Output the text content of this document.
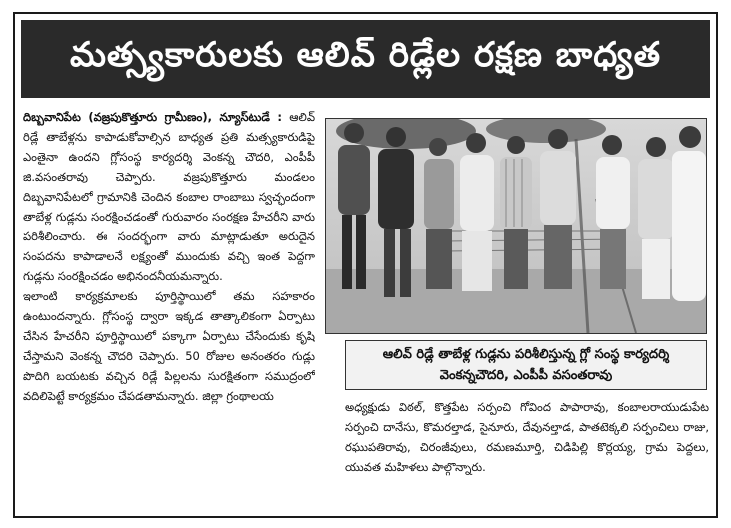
మత్స్యకారులకు ఆలివ్ రిడ్లేల రక్షణ బాధ్యత

దిబ్బవానిపేట (వజ్రపుకొత్తూరు గ్రామీణం), న్యూస్‌టుడే : ఆలివ్ రిడ్లే తాబేళ్లను కాపాడుకోవాల్సిన బాధ్యత ప్రతి మత్స్యకారుడిపై ఎంతైనా ఉందని గ్లోసంస్థ కార్యదర్శి వెంకన్న చౌదరి, ఎంపీపీ జి.వసంతరావు చెప్పారు. వజ్రపుకొత్తూరు మండలం దిబ్బవానిపేటలో గ్రామానికి చెందిన కంబాల రాంబాబు స్వచ్ఛందంగా తాబేళ్ల గుడ్లను సంరక్షించడంతో గురువారం సంరక్షణ హేచరీని వారు పరిశీలించారు. ఈ సందర్భంగా వారు మాట్లాడుతూ అరుదైన సంపదను కాపాడాలనే లక్ష్యంతో ముందుకు వచ్చి ఇంత పెద్దగా గుడ్లను సంరక్షించడం అభినందనీయమన్నారు.

ఇలాంటి కార్యక్రమాలకు పూర్తిస్థాయిలో తమ సహకారం ఉంటుందన్నారు. గ్లోసంస్థ ద్వారా ఇక్కడ తాత్కాలికంగా ఏర్పాటు చేసిన హేచరీని పూర్తిస్థాయిలో పక్కాగా ఏర్పాటు చేసేందుకు కృషి చేస్తామని వెంకన్న చౌదరి చెప్పారు. 50 రోజుల అనంతరం గుడ్లు పొదిగి బయటకు వచ్చిన రిడ్లే పిల్లలను సురక్షితంగా సముద్రంలో వదిలిపెట్టే కార్యక్రమం చేపడతామన్నారు. జిల్లా గ్రంథాలయ

ఆలివ్ రిడ్లే తాబేళ్ల గుడ్లను పరిశీలిస్తున్న గ్లో సంస్థ కార్యదర్శి వెంకన్నచౌదరి, ఎంపీపీ వసంతరావు

అధ్యక్షుడు విఠల్, కొత్తపేట సర్పంచి గోవింద పాపారావు, కంబాలరాయుడుపేట సర్పంచి దానేసు, కొమరల్తాడ, సైనూరు, దేవునల్తాడ, పాతటెక్కలి సర్పంచిలు రాజు, రఘుపతిరావు, చిరంజీవులు, రమణమూర్తి, చిడిపిల్లి కొర్లయ్య, గ్రామ పెద్దలు, యువత మహిళలు పాల్గొన్నారు.
